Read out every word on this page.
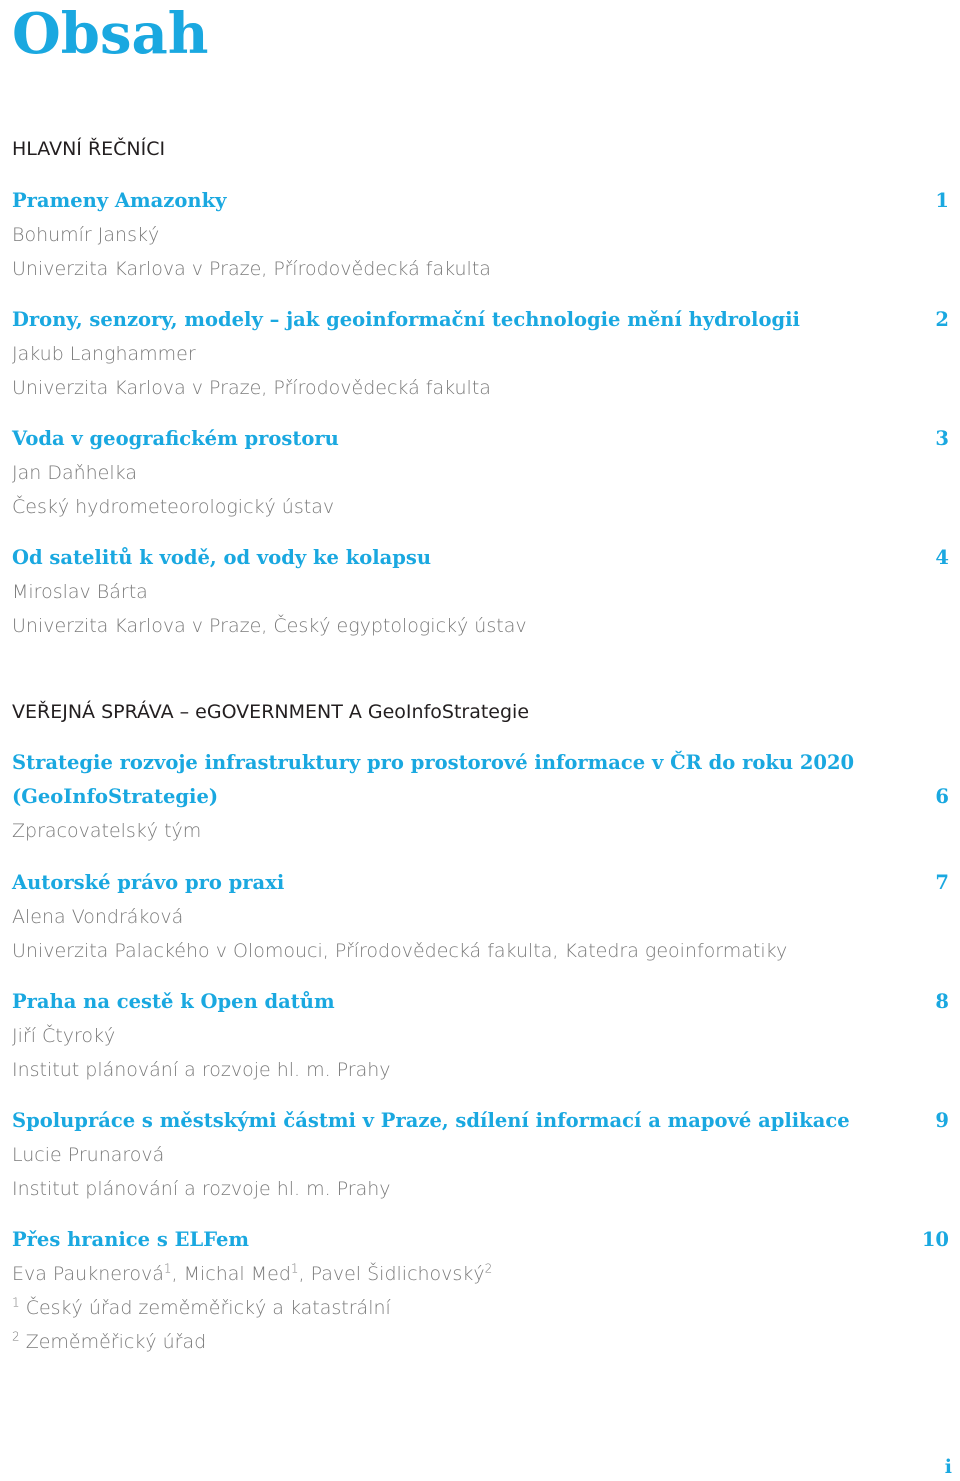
Obsah
HLAVNÍ ŘEČNÍCI
Prameny Amazonky	1
Bohumír Janský
Univerzita Karlova v Praze, Přírodovědecká fakulta
Drony, senzory, modely – jak geoinformační technologie mění hydrologii	2
Jakub Langhammer
Univerzita Karlova v Praze, Přírodovědecká fakulta
Voda v geografickém prostoru	3
Jan Daňhelka
Český hydrometeorologický ústav
Od satelitů k vodě, od vody ke kolapsu	4
Miroslav Bárta
Univerzita Karlova v Praze, Český egyptologický ústav
VEŘEJNÁ SPRÁVA – eGOVERNMENT A GeoInfoStrategie
Strategie rozvoje infrastruktury pro prostorové informace v ČR do roku 2020
(GeoInfoStrategie)	6
Zpracovatelský tým
Autorské právo pro praxi	7
Alena Vondráková
Univerzita Palackého v Olomouci, Přírodovědecká fakulta, Katedra geoinformatiky
Praha na cestě k Open datům	8
Jiří Čtyroký
Institut plánování a rozvoje hl. m. Prahy
Spolupráce s městskými částmi v Praze, sdílení informací a mapové aplikace	9
Lucie Prunarová
Institut plánování a rozvoje hl. m. Prahy
Přes hranice s ELFem	10
Eva Pauknerová$^1$, Michal Med$^1$, Pavel Šidlichovský$^2$
$^1$ Český úřad zeměměřický a katastrální
$^2$ Zeměměřický úřad
i
